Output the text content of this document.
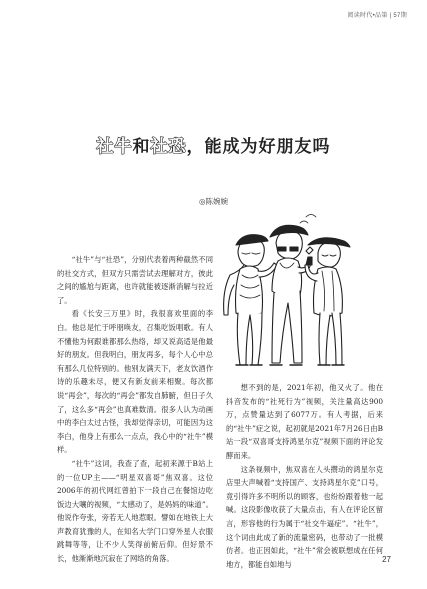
阅读时代•品第 | 57期
社牛和社恐，能成为好朋友吗
◎陈婉婉

“社牛”与“社恐”，分别代表着两种截然不同的社交方式，但双方只需尝试去理解对方，彼此之间的尴尬与距离，也许就能被逐渐消解与拉近了。

看《长安三万里》时，我很喜欢里面的李白。他总是忙于呼朋唤友，召集吃饭唱歌。有人不懂他为何跟谁都那么热络，却又说高适是他最好的朋友。但我明白，朋友再多，每个人心中总有那么几位特别的。他别友满天下，老友饮酒作诗的乐趣未尽，便又有新友前来相聚。每次都说“再会”，每次的“再会”都发自肺腑，但日子久了，这么多“再会”也真难数清。很多人认为动画中的李白太过古怪，我却觉得亲切，可能因为这李白，他身上有那么一点点，我心中的“社牛”模样。

“社牛”这词，我查了查，起初来源于B站上的一位UP主——“明星双喜哥”焦双喜。这位2006年的初代网红曾拍下一段自己在餐馆边吃饭边大嚷的视频，“太感动了，是妈妈的味道”。他说作夸张，旁若无人地惹眼。譬如在地铁上大声教育犹豫的人，在知名大学门口穿外星人衣服跳舞等等，让不少人笑得前俯后仰。但好景不长，他渐渐地沉寂在了网络的角落。

想不到的是，2021年初，他又火了。他在抖音发布的“社死行为”视频，关注量高达900万，点赞量达到了6077万。有人考据，后来的“社牛”症之说，起初就是2021年7月26日由B站一段“双喜哥支持鸿星尔克”视频下面的评论发酵而来。

这条视频中，焦双喜在人头攒动的鸿星尔克店里大声喊着“支持国产、支持鸿星尔克”口号，竟引得许多不明所以的顾客，也纷纷跟着他一起喊。这段影像收获了大量点击，有人在评论区留言，形容他的行为属于“社交牛逼症”。“社牛”，这个词由此成了新的流量密码，也带动了一批模仿者。也正因如此，“社牛”常会被联想成在任何地方，都能自如地与

27
